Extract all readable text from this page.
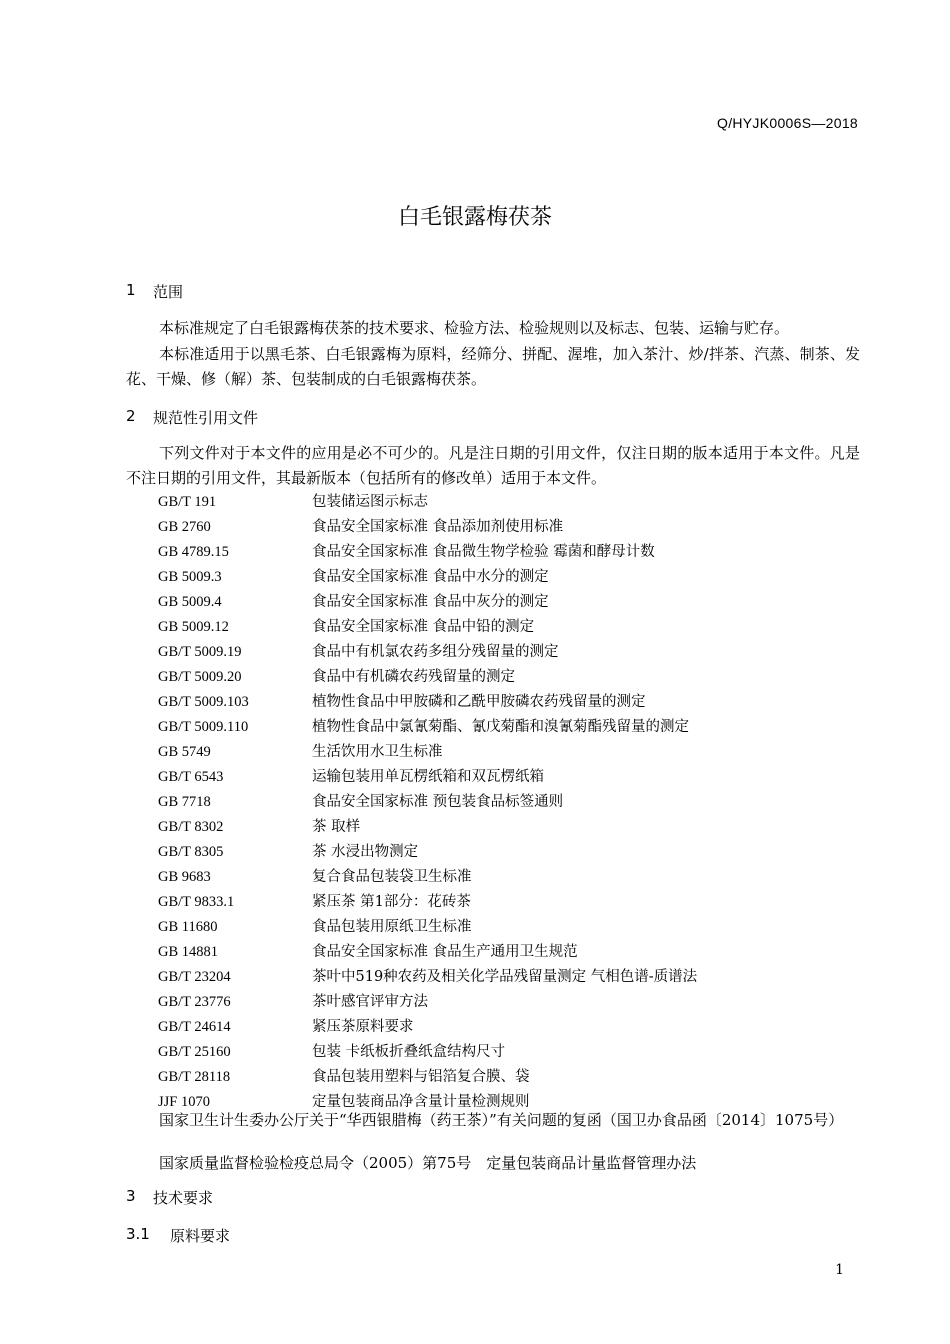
Q/HYJK0006S—2018
白毛银露梅茯茶
1	范围
本标准规定了白毛银露梅茯茶的技术要求、检验方法、检验规则以及标志、包装、运输与贮存。
本标准适用于以黑毛茶、白毛银露梅为原料，经筛分、拼配、渥堆，加入茶汁、炒/拌茶、汽蒸、制茶、发花、干燥、修（解）茶、包装制成的白毛银露梅茯茶。
2	规范性引用文件
下列文件对于本文件的应用是必不可少的。凡是注日期的引用文件，仅注日期的版本适用于本文件。凡是不注日期的引用文件，其最新版本（包括所有的修改单）适用于本文件。
GB/T 191	包装储运图示标志
GB 2760	食品安全国家标准 食品添加剂使用标准
GB 4789.15	食品安全国家标准 食品微生物学检验 霉菌和酵母计数
GB 5009.3	食品安全国家标准 食品中水分的测定
GB 5009.4	食品安全国家标准 食品中灰分的测定
GB 5009.12	食品安全国家标准 食品中铅的测定
GB/T 5009.19	食品中有机氯农药多组分残留量的测定
GB/T 5009.20	食品中有机磷农药残留量的测定
GB/T 5009.103	植物性食品中甲胺磷和乙酰甲胺磷农药残留量的测定
GB/T 5009.110	植物性食品中氯氰菊酯、氰戊菊酯和溴氰菊酯残留量的测定
GB 5749	生活饮用水卫生标准
GB/T 6543	运输包装用单瓦楞纸箱和双瓦楞纸箱
GB 7718	食品安全国家标准 预包装食品标签通则
GB/T 8302	茶 取样
GB/T 8305	茶 水浸出物测定
GB 9683	复合食品包装袋卫生标准
GB/T 9833.1	紧压茶 第1部分：花砖茶
GB 11680	食品包装用原纸卫生标准
GB 14881	食品安全国家标准 食品生产通用卫生规范
GB/T 23204	茶叶中519种农药及相关化学品残留量测定 气相色谱-质谱法
GB/T 23776	茶叶感官评审方法
GB/T 24614	紧压茶原料要求
GB/T 25160	包装 卡纸板折叠纸盒结构尺寸
GB/T 28118	食品包装用塑料与铝箔复合膜、袋
JJF 1070	定量包装商品净含量计量检测规则
国家卫生计生委办公厅关于“华西银腊梅（药王茶）”有关问题的复函（国卫办食品函〔2014〕1075号）
国家质量监督检验检疫总局令（2005）第75号　定量包装商品计量监督管理办法
3	技术要求
3.1	原料要求
1
